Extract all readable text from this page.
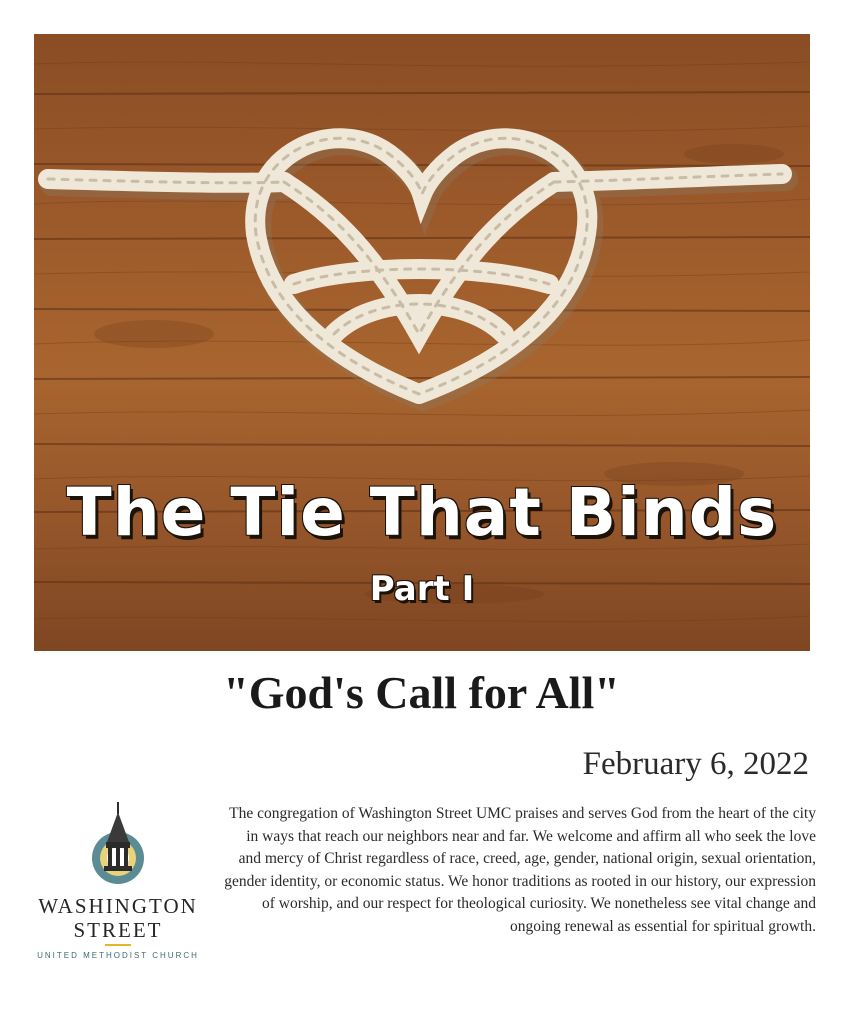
The Tie That Binds
Part I
"God's Call for All"
February 6, 2022
WASHINGTON
STREET
UNITED METHODIST CHURCH
The congregation of Washington Street UMC praises and serves God from the heart of the city in ways that reach our neighbors near and far. We welcome and affirm all who seek the love and mercy of Christ regardless of race, creed, age, gender, national origin, sexual orientation, gender identity, or economic status. We honor traditions as rooted in our history, our expression of worship, and our respect for theological curiosity. We nonetheless see vital change and ongoing renewal as essential for spiritual growth.
